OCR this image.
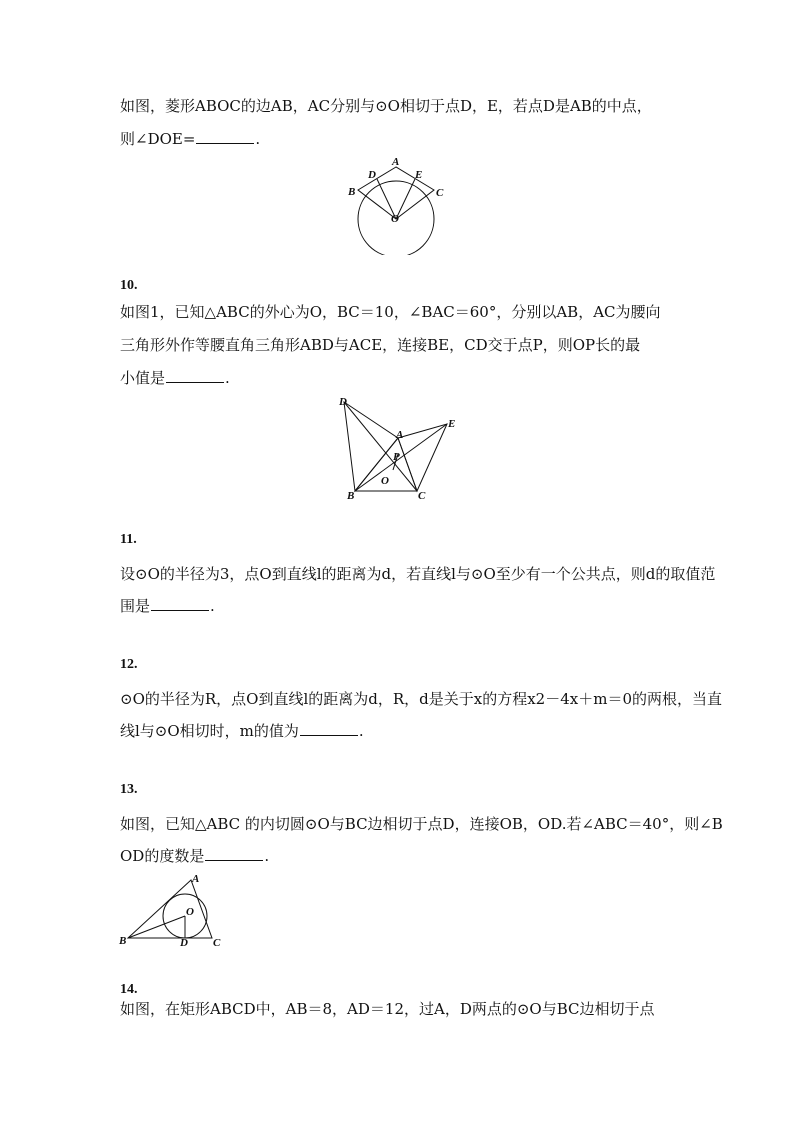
如图，菱形ABOC的边AB，AC分别与⊙O相切于点D，E，若点D是AB的中点，
则∠DOE=	.
A
D	E
B	C
O
10.
如图1，已知△ABC的外心为O，BC＝10，∠BAC＝60°，分别以AB，AC为腰向
三角形外作等腰直角三角形ABD与ACE，连接BE，CD交于点P，则OP长的最
小值是	.
D
E
A
P
O
B	C
11.
设⊙O的半径为3，点O到直线l的距离为d，若直线l与⊙O至少有一个公共点，则d的取值范
围是	.
12.
⊙O的半径为R，点O到直线l的距离为d，R，d是关于x的方程x2－4x＋m＝0的两根，当直
线l与⊙O相切时，m的值为	.
13.
如图，已知△ABC 的内切圆⊙O与BC边相切于点D，连接OB，OD.若∠ABC＝40°，则∠B
OD的度数是	.
A
O
B	D C
14.
如图，在矩形ABCD中，AB＝8，AD＝12，过A，D两点的⊙O与BC边相切于点
